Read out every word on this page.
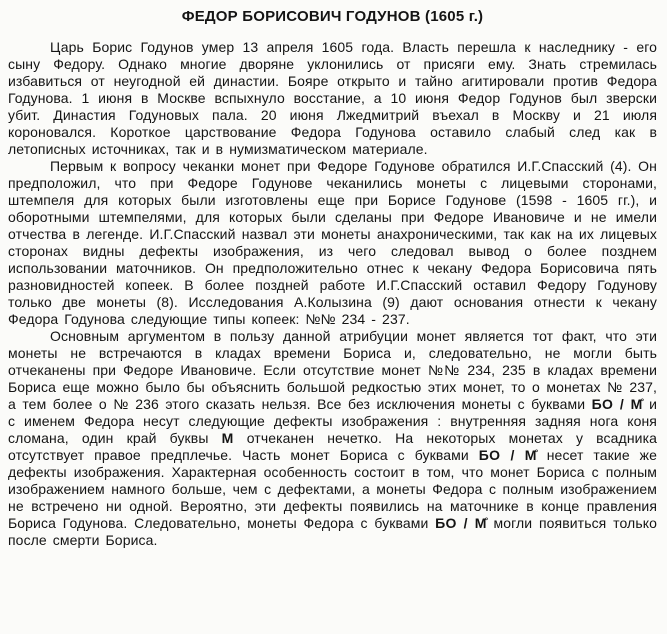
ФЕДОР БОРИСОВИЧ ГОДУНОВ (1605 г.)

Царь Борис Годунов умер 13 апреля 1605 года. Власть перешла к наследнику - его сыну Федору. Однако многие дворяне уклонились от присяги ему. Знать стремилась избавиться от неугодной ей династии. Бояре открыто и тайно агитировали против Федора Годунова. 1 июня в Москве вспыхнуло восстание, а 10 июня Федор Годунов был зверски убит. Династия Годуновых пала. 20 июня Лжедмитрий въехал в Москву и 21 июля короновался. Короткое царствование Федора Годунова оставило слабый след как в летописных источниках, так и в нумизматическом материале.

Первым к вопросу чеканки монет при Федоре Годунове обратился И.Г.Спасский (4). Он предположил, что при Федоре Годунове чеканились монеты с лицевыми сторонами, штемпеля для которых были изготовлены еще при Борисе Годунове (1598 - 1605 гг.), и оборотными штемпелями, для которых были сделаны при Федоре Ивановиче и не имели отчества в легенде. И.Г.Спасский назвал эти монеты анахроническими, так как на их лицевых сторонах видны дефекты изображения, из чего следовал вывод о более позднем использовании маточников. Он предположительно отнес к чекану Федора Борисовича пять разновидностей копеек. В более поздней работе И.Г.Спасский оставил Федору Годунову только две монеты (8). Исследования А.Колызина (9) дают основания отнести к чекану Федора Годунова следующие типы копеек: №№ 234 - 237.

Основным аргументом в пользу данной атрибуции монет является тот факт, что эти монеты не встречаются в кладах времени Бориса и, следовательно, не могли быть отчеканены при Федоре Ивановиче. Если отсутствие монет №№ 234, 235 в кладах времени Бориса еще можно было бы объяснить большой редкостью этих монет, то о монетах № 237, а тем более о № 236 этого сказать нельзя. Все без исключения монеты с буквами БО / М̊ и с именем Федора несут следующие дефекты изображения : внутренняя задняя нога коня сломана, один край буквы М отчеканен нечетко. На некоторых монетах у всадника отсутствует правое предплечье. Часть монет Бориса с буквами БО / М̊ несет такие же дефекты изображения. Характерная особенность состоит в том, что монет Бориса с полным изображением намного больше, чем с дефектами, а монеты Федора с полным изображением не встречено ни одной. Вероятно, эти дефекты появились на маточнике в конце правления Бориса Годунова. Следовательно, монеты Федора с буквами БО / М̊ могли появиться только после смерти Бориса.
